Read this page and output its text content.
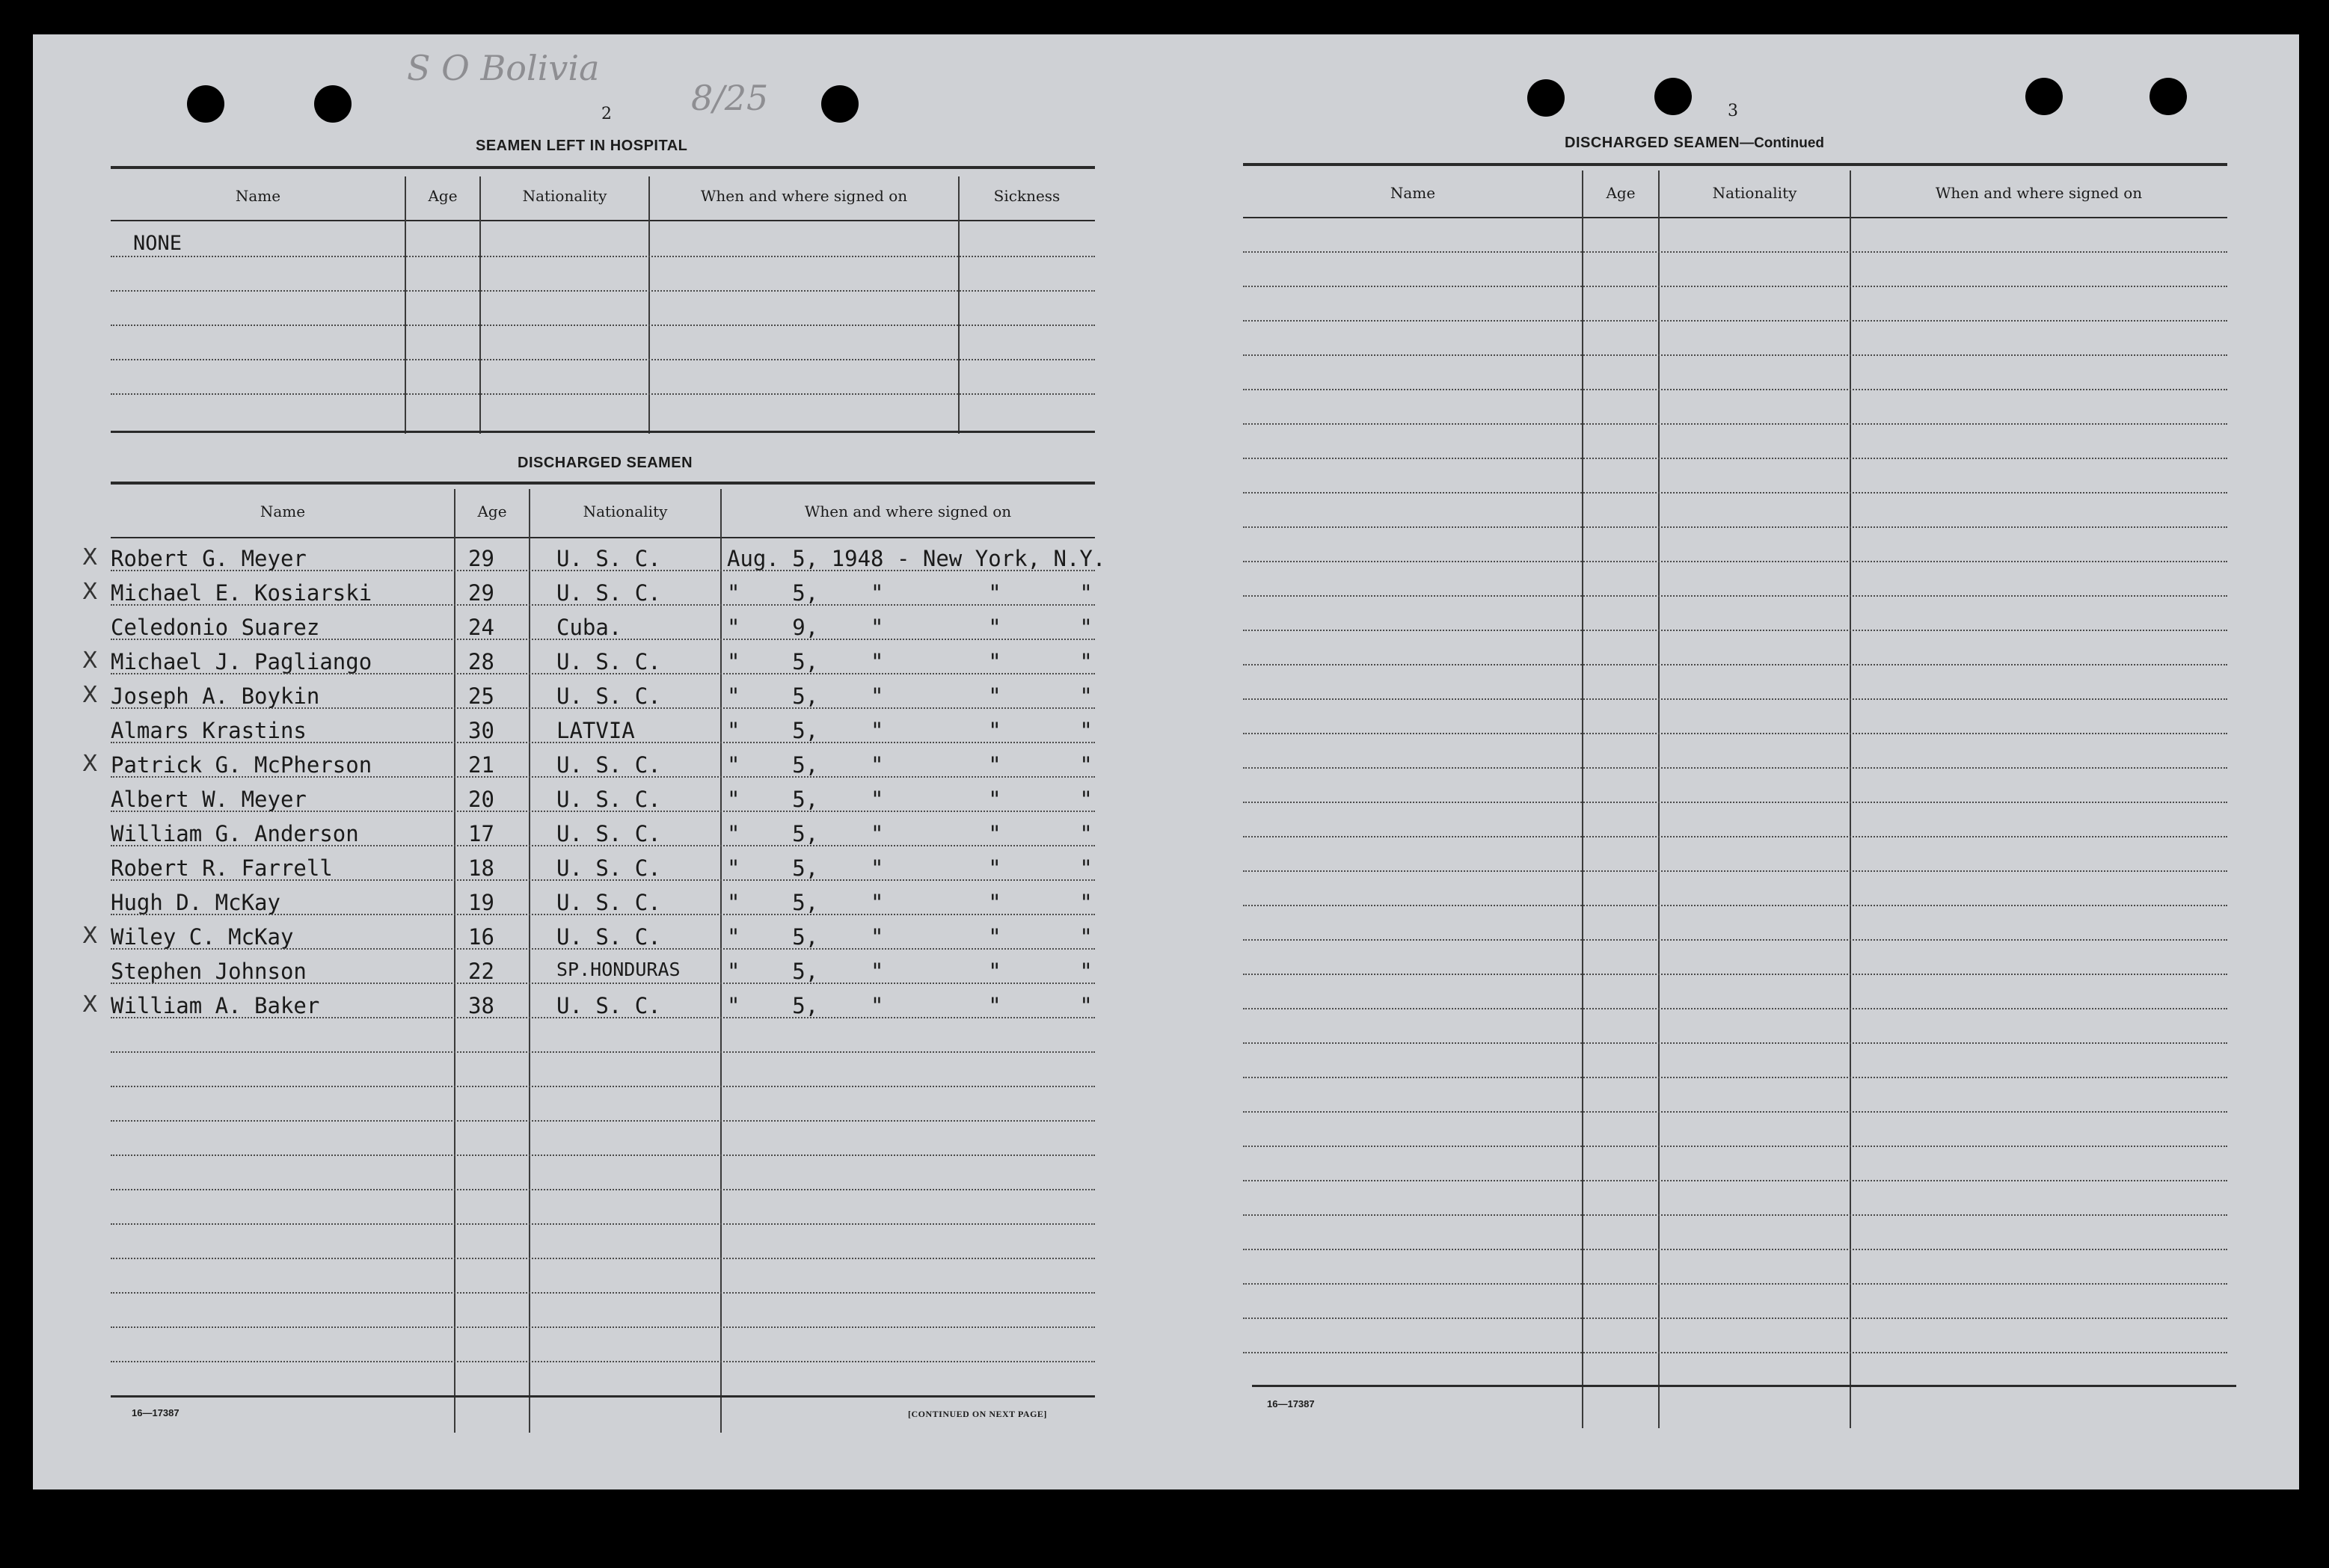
S O Bolivia
8/25
2
SEAMEN LEFT IN HOSPITAL
Name	Age	Nationality	When and where signed on	Sickness
NONE
DISCHARGED SEAMEN
Name	Age	Nationality	When and where signed on
X Robert G. Meyer	29	U. S. C.	Aug. 5, 1948 - New York, N.Y.
X Michael E. Kosiarski	29	U. S. C.	"    5,    "        "      "
Celedonio Suarez	24	Cuba.	"    9,    "        "      "
X Michael J. Pagliango	28	U. S. C.	"    5,    "        "      "
X Joseph A. Boykin	25	U. S. C.	"    5,    "        "      "
Almars Krastins	30	LATVIA	"    5,    "        "      "
X Patrick G. McPherson	21	U. S. C.	"    5,    "        "      "
Albert W. Meyer	20	U. S. C.	"    5,    "        "      "
William G. Anderson	17	U. S. C.	"    5,    "        "      "
Robert R. Farrell	18	U. S. C.	"    5,    "        "      "
Hugh D. McKay	19	U. S. C.	"    5,    "        "      "
X Wiley C. McKay	16	U. S. C.	"    5,    "        "      "
Stephen Johnson	22	SP.HONDURAS "    5,    "        "      "
X William A. Baker	38	U. S. C.	"    5,    "        "      "
16—17387	[CONTINUED ON NEXT PAGE]
3
DISCHARGED SEAMEN—Continued
Name	Age	Nationality	When and where signed on
16—17387
